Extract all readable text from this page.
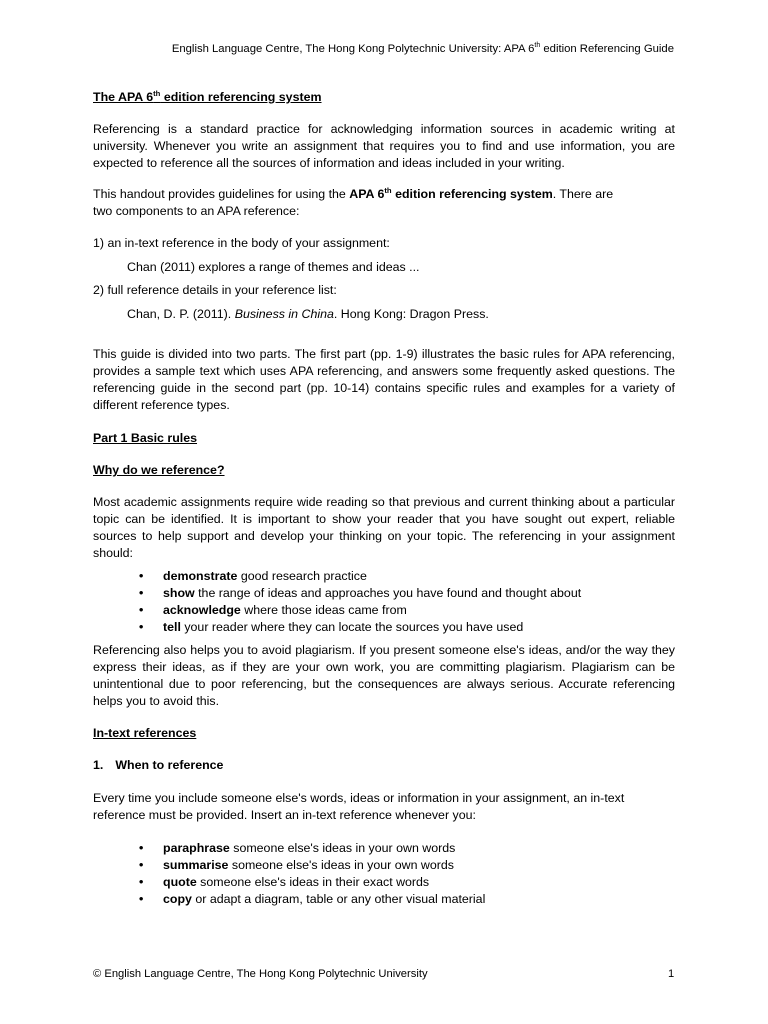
English Language Centre, The Hong Kong Polytechnic University: APA 6th edition Referencing Guide
The APA 6th edition referencing system
Referencing is a standard practice for acknowledging information sources in academic writing at university. Whenever you write an assignment that requires you to find and use information, you are expected to reference all the sources of information and ideas included in your writing.
This handout provides guidelines for using the APA 6th edition referencing system. There are
two components to an APA reference:
1) an in-text reference in the body of your assignment:
Chan (2011) explores a range of themes and ideas ...
2) full reference details in your reference list:
Chan, D. P. (2011). Business in China. Hong Kong: Dragon Press.
This guide is divided into two parts. The first part (pp. 1-9) illustrates the basic rules for APA referencing, provides a sample text which uses APA referencing, and answers some frequently asked questions. The referencing guide in the second part (pp. 10-14) contains specific rules and examples for a variety of different reference types.
Part 1 Basic rules
Why do we reference?
Most academic assignments require wide reading so that previous and current thinking about a particular topic can be identified. It is important to show your reader that you have sought out expert, reliable sources to help support and develop your thinking on your topic. The referencing in your assignment should:
• demonstrate good research practice
• show the range of ideas and approaches you have found and thought about
• acknowledge where those ideas came from
• tell your reader where they can locate the sources you have used
Referencing also helps you to avoid plagiarism. If you present someone else's ideas, and/or the way they express their ideas, as if they are your own work, you are committing plagiarism. Plagiarism can be unintentional due to poor referencing, but the consequences are always serious. Accurate referencing helps you to avoid this.
In-text references
1. When to reference
Every time you include someone else's words, ideas or information in your assignment, an in-text reference must be provided. Insert an in-text reference whenever you:
• paraphrase someone else's ideas in your own words
• summarise someone else's ideas in your own words
• quote someone else's ideas in their exact words
• copy or adapt a diagram, table or any other visual material
© English Language Centre, The Hong Kong Polytechnic University	1
